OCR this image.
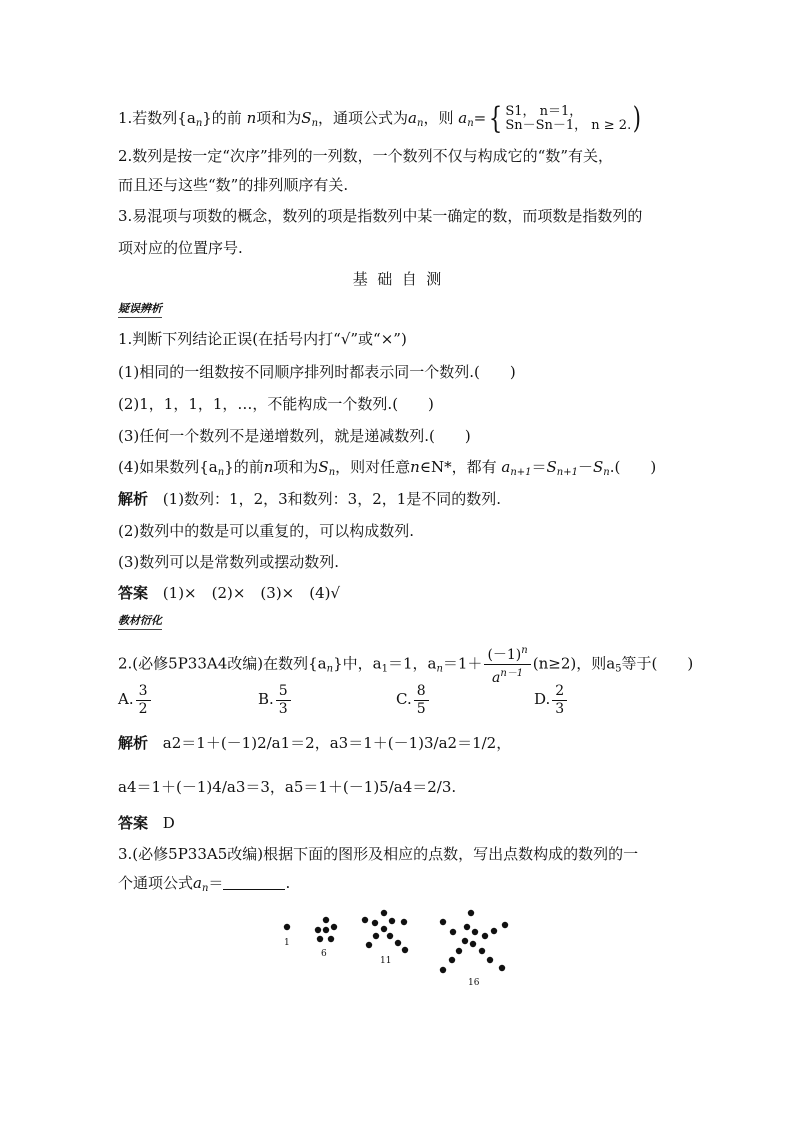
1.若数列$\{a_n\}$的前 n项和为$S_n$，通项公式为$a_n$，则 $a_n=${ S1， n＝1，
Sn－Sn－1， n ≥ 2.)
2.数列是按一定“次序”排列的一列数，一个数列不仅与构成它的“数”有关，
而且还与这些“数”的排列顺序有关.
3.易混项与项数的概念，数列的项是指数列中某一确定的数，而项数是指数列的
项对应的位置序号.
基  础  自  测
疑误辨析
1.判断下列结论正误(在括号内打“√”或“×”)
(1)相同的一组数按不同顺序排列时都表示同一个数列.(　　)
(2)1，1，1，1，…，不能构成一个数列.(　　)
(3)任何一个数列不是递增数列，就是递减数列.(　　)
(4)如果数列$\{a_n\}$的前n项和为$S_n$，则对任意n∈N*，都有 $a_{n+1}=S_{n+1}-S_n$.(　　)
解析 (1)数列：1，2，3和数列：3，2，1是不同的数列.
(2)数列中的数是可以重复的，可以构成数列.
(3)数列可以是常数列或摆动数列.
答案 (1)×　(2)×　(3)×　(4)√
教材衍化
2.(必修5P33A4改编)在数列$\{a_n\}$中，$a_1=1$，$a_n=1+ \frac{(-1)^n}{a^{n-1}} (n\ge 2)$，则$a_5$等于(　　)
A. $\frac{3}{2}$	B. $\frac{5}{3}$	C. $\frac{8}{5}$	D. $\frac{2}{3}$
解析 a2＝1＋(－1)2/a1＝2，a3＝1＋(－1)3/a2＝1/2，
a4＝1＋(－1)4/a3＝3，a5＝1＋(－1)5/a4＝2/3.
答案 D
3.(必修5P33A5改编)根据下面的图形及相应的点数，写出点数构成的数列的一
个通项公式$a_n=$	.
1
6
11
16
